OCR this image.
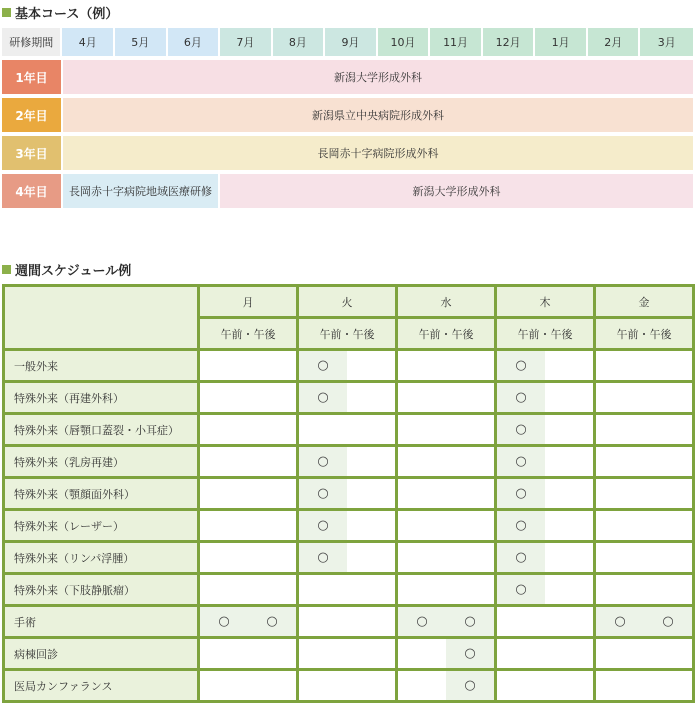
基本コース（例）
研修期間	4月	5月	6月	7月	8月	9月	10月	11月	12月	1月	2月	3月
1年目	新潟大学形成外科
2年目	新潟県立中央病院形成外科
3年目	長岡赤十字病院形成外科
4年目	長岡赤十字病院地域医療研修	新潟大学形成外科
週間スケジュール例
	月	火	水	木	金
	午前・午後	午前・午後	午前・午後	午前・午後	午前・午後
一般外来		○		○	

特殊外来（再建外科）		○		○	

特殊外来（唇顎口蓋裂・小耳症）				○	

特殊外来（乳房再建）		○		○	

特殊外来（顎顔面外科）		○		○	

特殊外来（レーザー）		○		○	

特殊外来（リンパ浮腫）		○		○	

特殊外来（下肢静脈瘤）				○	

手術	○ ○		○ ○		○ ○

病棟回診			○		

医局カンファランス			○		
